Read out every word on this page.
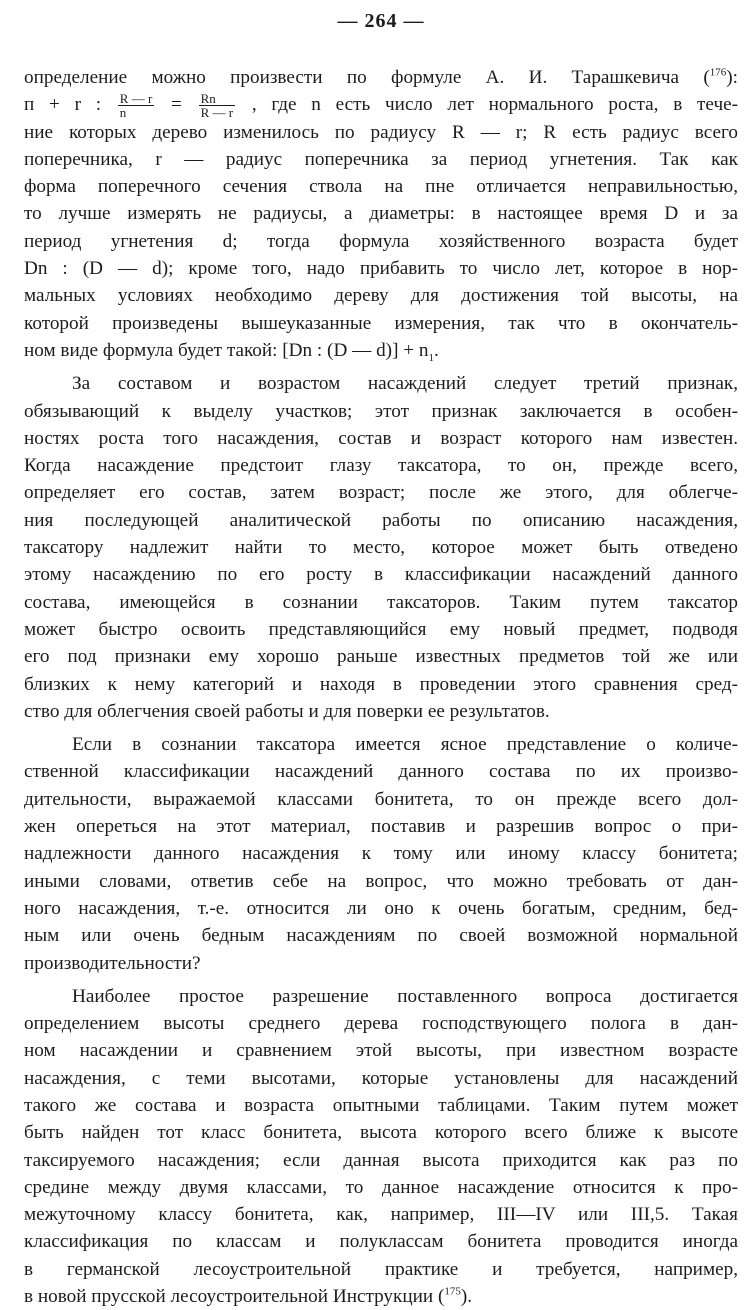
— 264 —
определение можно произвести по формуле А. И. Тарашкевича ($^{176}$):
п + r : $\frac{R — r}{n} = \frac{Rn}{R — r}$ , где n есть число лет нормального роста, в тече-
ние которых дерево изменилось по радиусу R — r; R есть радиус всего
поперечника, r — радиус поперечника за период угнетения. Так как
форма поперечного сечения ствола на пне отличается неправильностью,
то лучше измерять не радиусы, а диаметры: в настоящее время D и за
период угнетения d; тогда формула хозяйственного возраста будет
Dn : (D — d); кроме того, надо прибавить то число лет, которое в нор-
мальных условиях необходимо дереву для достижения той высоты, на
которой произведены вышеуказанные измерения, так что в окончатель-
ном виде формула будет такой: [Dn : (D — $d)] + n_1$.
За составом и возрастом насаждений следует третий признак,
обязывающий к выделу участков; этот признак заключается в особен-
ностях роста того насаждения, состав и возраст которого нам известен.
Когда насаждение предстоит глазу таксатора, то он, прежде всего,
определяет его состав, затем возраст; после же этого, для облегче-
ния последующей аналитической работы по описанию насаждения,
таксатору надлежит найти то место, которое может быть отведено
этому насаждению по его росту в классификации насаждений данного
состава, имеющейся в сознании таксаторов. Таким путем таксатор
может быстро освоить представляющийся ему новый предмет, подводя
его под признаки ему хорошо раньше известных предметов той же или
близких к нему категорий и находя в проведении этого сравнения сред-
ство для облегчения своей работы и для поверки ее результатов.
Если в сознании таксатора имеется ясное представление о количе-
ственной классификации насаждений данного состава по их произво-
дительности, выражаемой классами бонитета, то он прежде всего дол-
жен опереться на этот материал, поставив и разрешив вопрос о при-
надлежности данного насаждения к тому или иному классу бонитета;
иными словами, ответив себе на вопрос, что можно требовать от дан-
ного насаждения, т.-е. относится ли оно к очень богатым, средним, бед-
ным или очень бедным насаждениям по своей возможной нормальной
производительности?
Наиболее простое разрешение поставленного вопроса достигается
определением высоты среднего дерева господствующего полога в дан-
ном насаждении и сравнением этой высоты, при известном возрасте
насаждения, с теми высотами, которые установлены для насаждений
такого же состава и возраста опытными таблицами. Таким путем может
быть найден тот класс бонитета, высота которого всего ближе к высоте
таксируемого насаждения; если данная высота приходится как раз по
средине между двумя классами, то данное насаждение относится к про-
межуточному классу бонитета, как, например, III—IV или III,5. Такая
классификация по классам и полуклассам бонитета проводится иногда
в германской лесоустроительной практике и требуется, например,
в новой прусской лесоустроительной Инструкции ($^{175}$).
